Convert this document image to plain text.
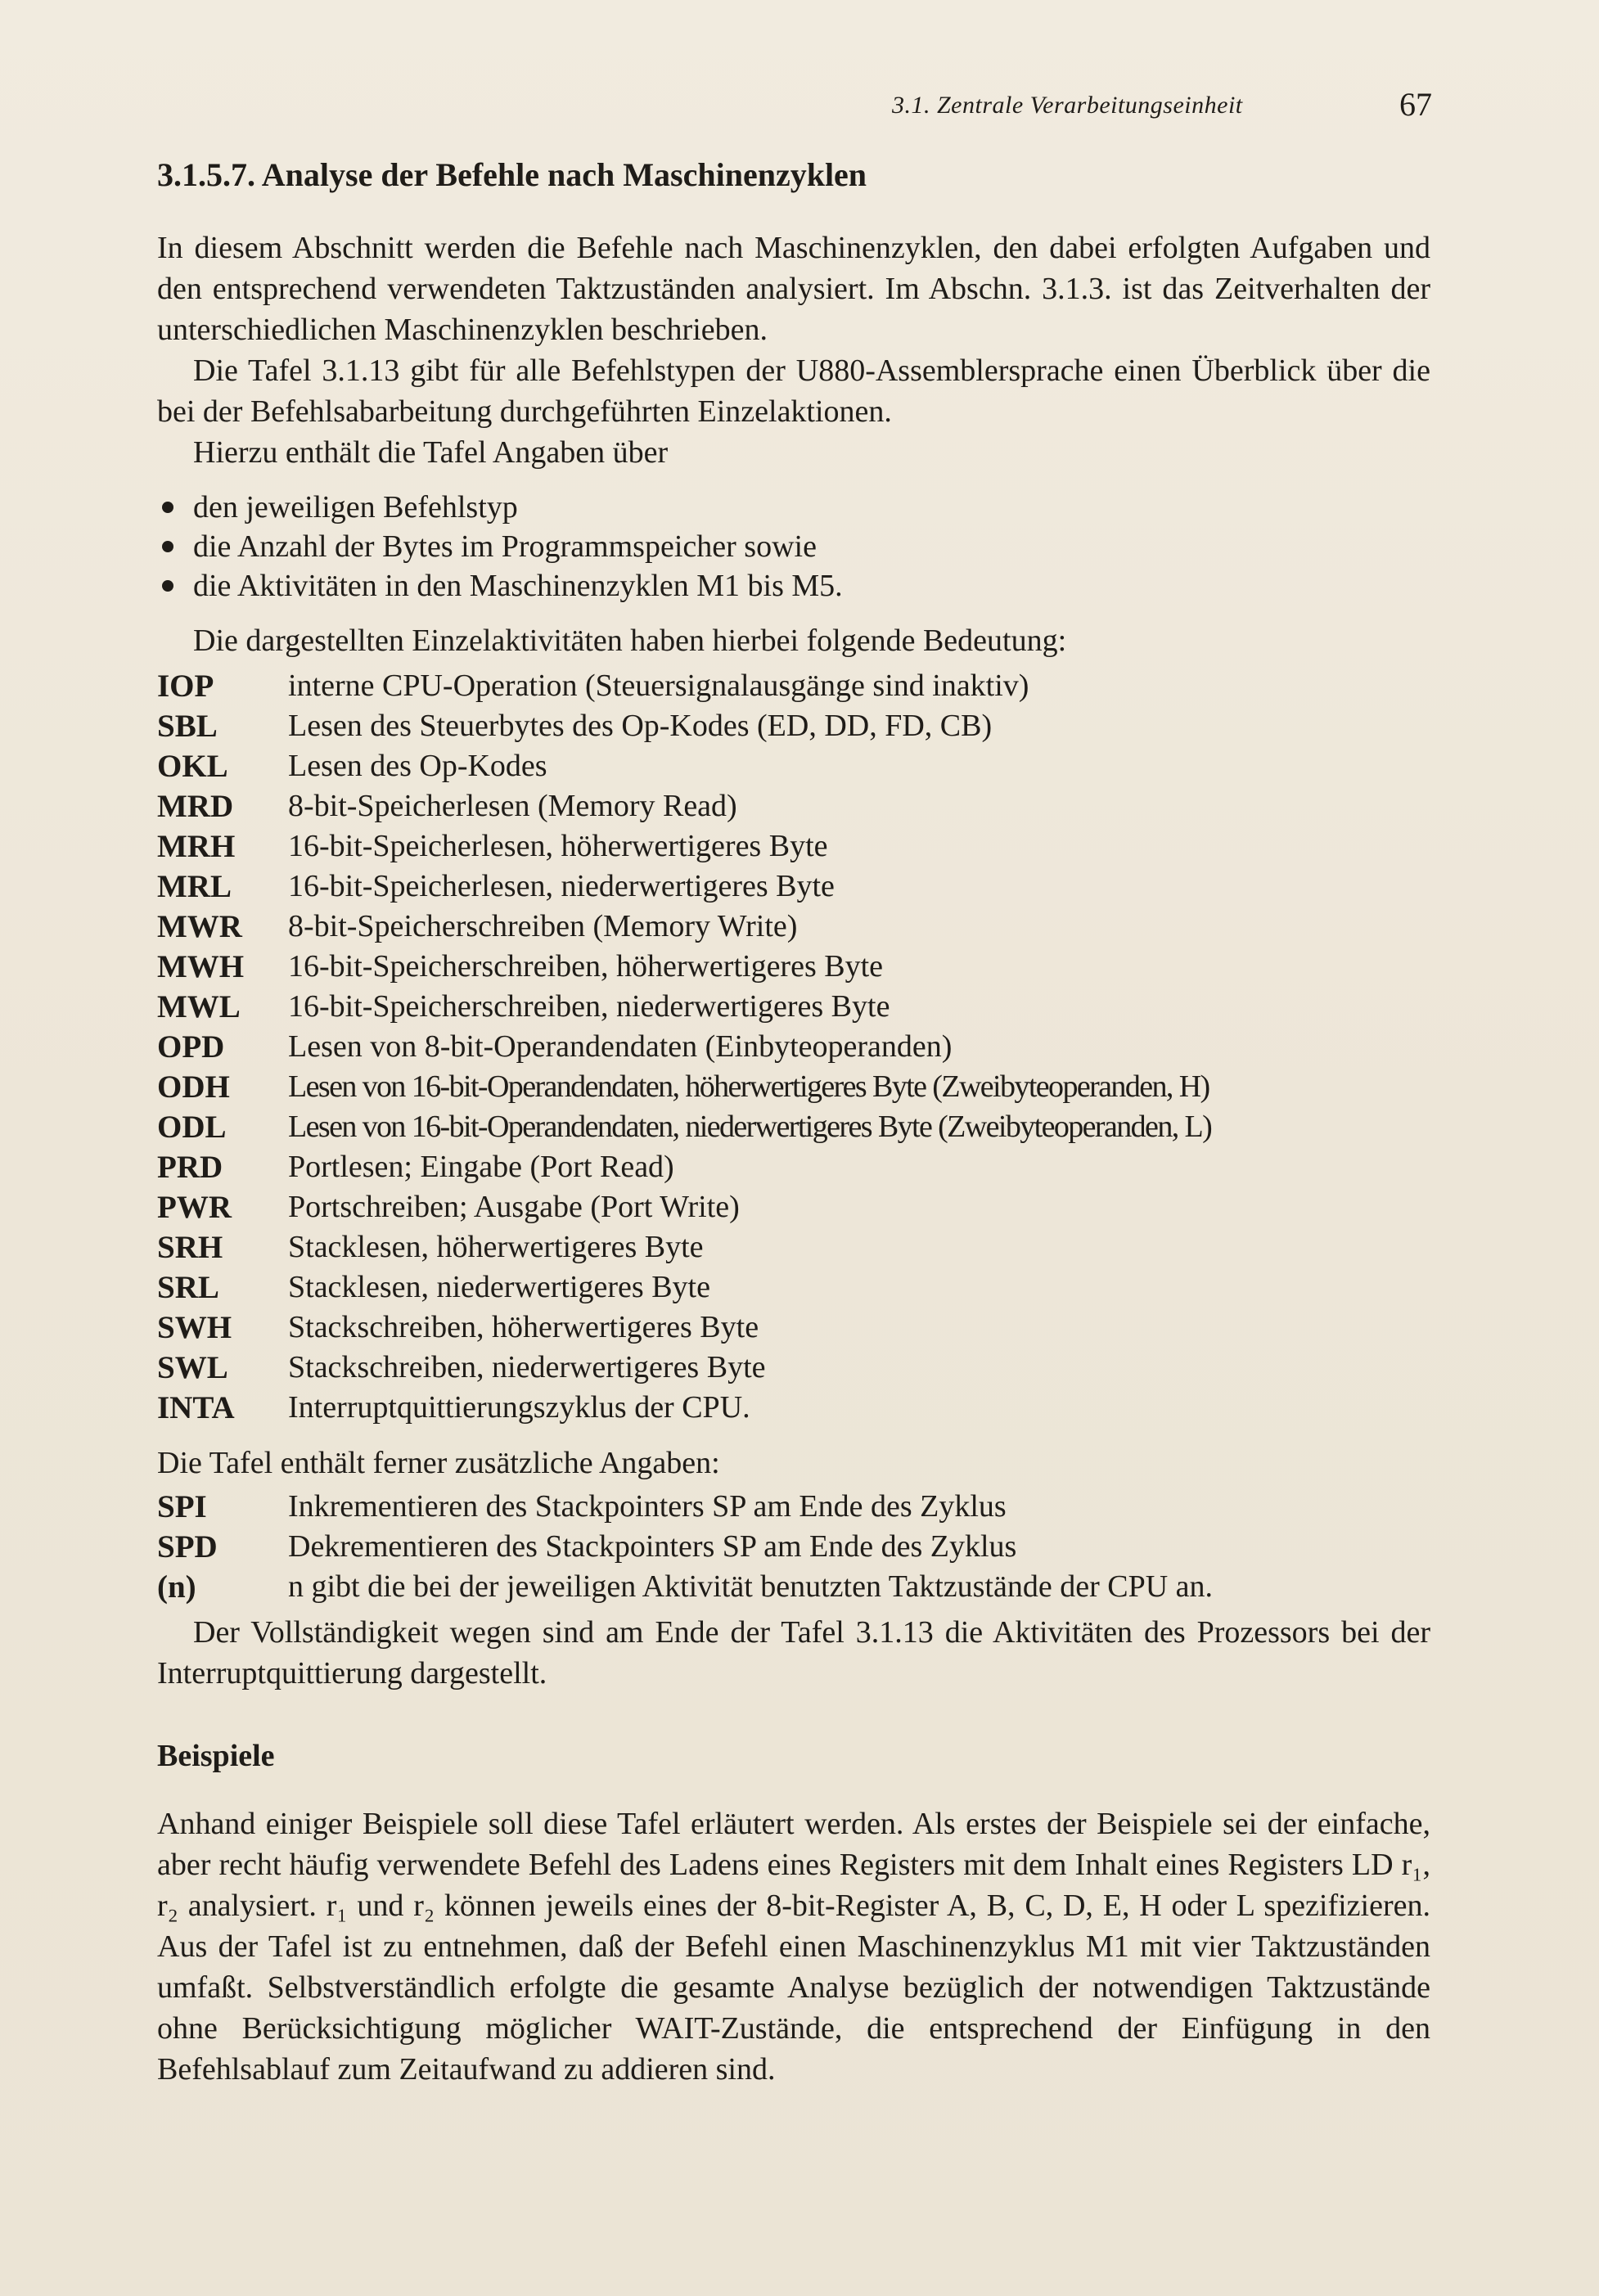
3.1. Zentrale Verarbeitungseinheit	67
3.1.5.7. Analyse der Befehle nach Maschinenzyklen

In diesem Abschnitt werden die Befehle nach Maschinenzyklen, den dabei erfolgten Aufgaben und den entsprechend verwendeten Taktzuständen analysiert. Im Abschn. 3.1.3. ist das Zeitverhalten der unterschiedlichen Maschinenzyklen beschrieben.

Die Tafel 3.1.13 gibt für alle Befehlstypen der U880-Assemblersprache einen Überblick über die bei der Befehlsabarbeitung durchgeführten Einzelaktionen.

Hierzu enthält die Tafel Angaben über

den jeweiligen Befehlstyp
die Anzahl der Bytes im Programmspeicher sowie
die Aktivitäten in den Maschinenzyklen M1 bis M5.

Die dargestellten Einzelaktivitäten haben hierbei folgende Bedeutung:

IOP	interne CPU-Operation (Steuersignalausgänge sind inaktiv)
SBL	Lesen des Steuerbytes des Op-Kodes (ED, DD, FD, CB)
OKL	Lesen des Op-Kodes
MRD	8-bit-Speicherlesen (Memory Read)
MRH	16-bit-Speicherlesen, höherwertigeres Byte
MRL	16-bit-Speicherlesen, niederwertigeres Byte
MWR	8-bit-Speicherschreiben (Memory Write)
MWH	16-bit-Speicherschreiben, höherwertigeres Byte
MWL	16-bit-Speicherschreiben, niederwertigeres Byte
OPD	Lesen von 8-bit-Operandendaten (Einbyteoperanden)
ODH	Lesen von 16-bit-Operandendaten, höherwertigeres Byte (Zweibyteoperanden, H)
ODL	Lesen von 16-bit-Operandendaten, niederwertigeres Byte (Zweibyteoperanden, L)
PRD	Portlesen; Eingabe (Port Read)
PWR	Portschreiben; Ausgabe (Port Write)
SRH	Stacklesen, höherwertigeres Byte
SRL	Stacklesen, niederwertigeres Byte
SWH	Stackschreiben, höherwertigeres Byte
SWL	Stackschreiben, niederwertigeres Byte
INTA	Interruptquittierungszyklus der CPU.

Die Tafel enthält ferner zusätzliche Angaben:

SPI	Inkrementieren des Stackpointers SP am Ende des Zyklus
SPD	Dekrementieren des Stackpointers SP am Ende des Zyklus
(n)	n gibt die bei der jeweiligen Aktivität benutzten Taktzustände der CPU an.

Der Vollständigkeit wegen sind am Ende der Tafel 3.1.13 die Aktivitäten des Prozessors bei der Interruptquittierung dargestellt.

Beispiele

Anhand einiger Beispiele soll diese Tafel erläutert werden. Als erstes der Beispiele sei der einfache, aber recht häufig verwendete Befehl des Ladens eines Registers mit dem Inhalt eines Registers LD r₁, r₂ analysiert. r₁ und r₂ können jeweils eines der 8-bit-Register A, B, C, D, E, H oder L spezifizieren. Aus der Tafel ist zu entnehmen, daß der Befehl einen Maschinenzyklus M1 mit vier Taktzuständen umfaßt. Selbstverständlich erfolgte die gesamte Analyse bezüglich der notwendigen Taktzustände ohne Berücksichtigung möglicher WAIT-Zustände, die entsprechend der Einfügung in den Befehlsablauf zum Zeitaufwand zu addieren sind.
